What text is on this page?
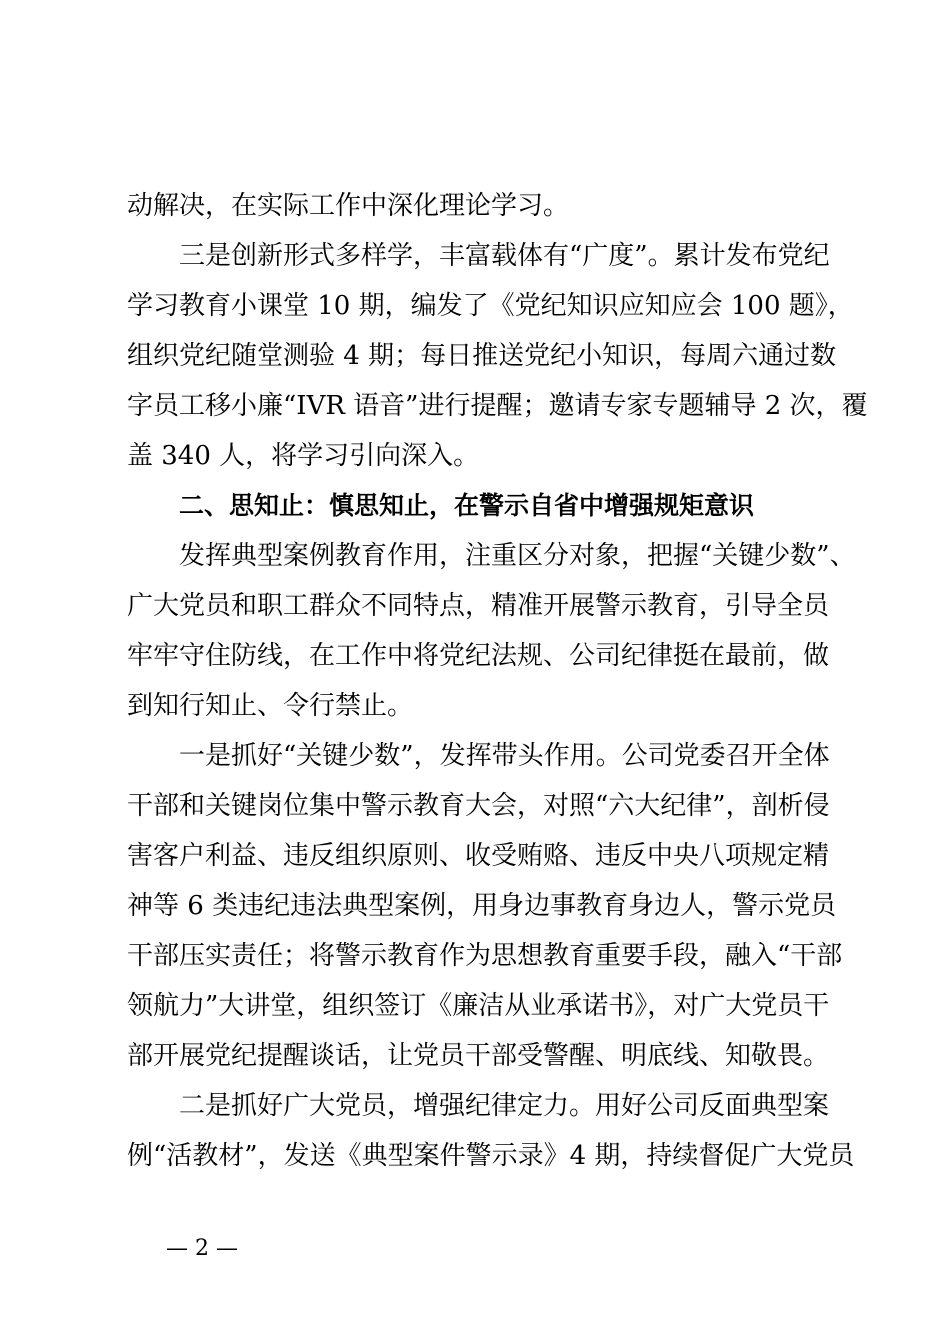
动解决，在实际工作中深化理论学习。
三是创新形式多样学，丰富载体有“广度”。累计发布党纪
学习教育小课堂 10 期，编发了《党纪知识应知应会 100 题》，
组织党纪随堂测验 4 期；每日推送党纪小知识，每周六通过数
字员工移小廉“IVR 语音”进行提醒；邀请专家专题辅导 2 次，覆
盖 340 人，将学习引向深入。
二、思知止：慎思知止，在警示自省中增强规矩意识
发挥典型案例教育作用，注重区分对象，把握“关键少数”、
广大党员和职工群众不同特点，精准开展警示教育，引导全员
牢牢守住防线，在工作中将党纪法规、公司纪律挺在最前，做
到知行知止、令行禁止。
一是抓好“关键少数”，发挥带头作用。公司党委召开全体
干部和关键岗位集中警示教育大会，对照“六大纪律”，剖析侵
害客户利益、违反组织原则、收受贿赂、违反中央八项规定精
神等 6 类违纪违法典型案例，用身边事教育身边人，警示党员
干部压实责任；将警示教育作为思想教育重要手段，融入“干部
领航力”大讲堂，组织签订《廉洁从业承诺书》，对广大党员干
部开展党纪提醒谈话，让党员干部受警醒、明底线、知敬畏。
二是抓好广大党员，增强纪律定力。用好公司反面典型案
例“活教材”，发送《典型案件警示录》4 期，持续督促广大党员
— 2 —
